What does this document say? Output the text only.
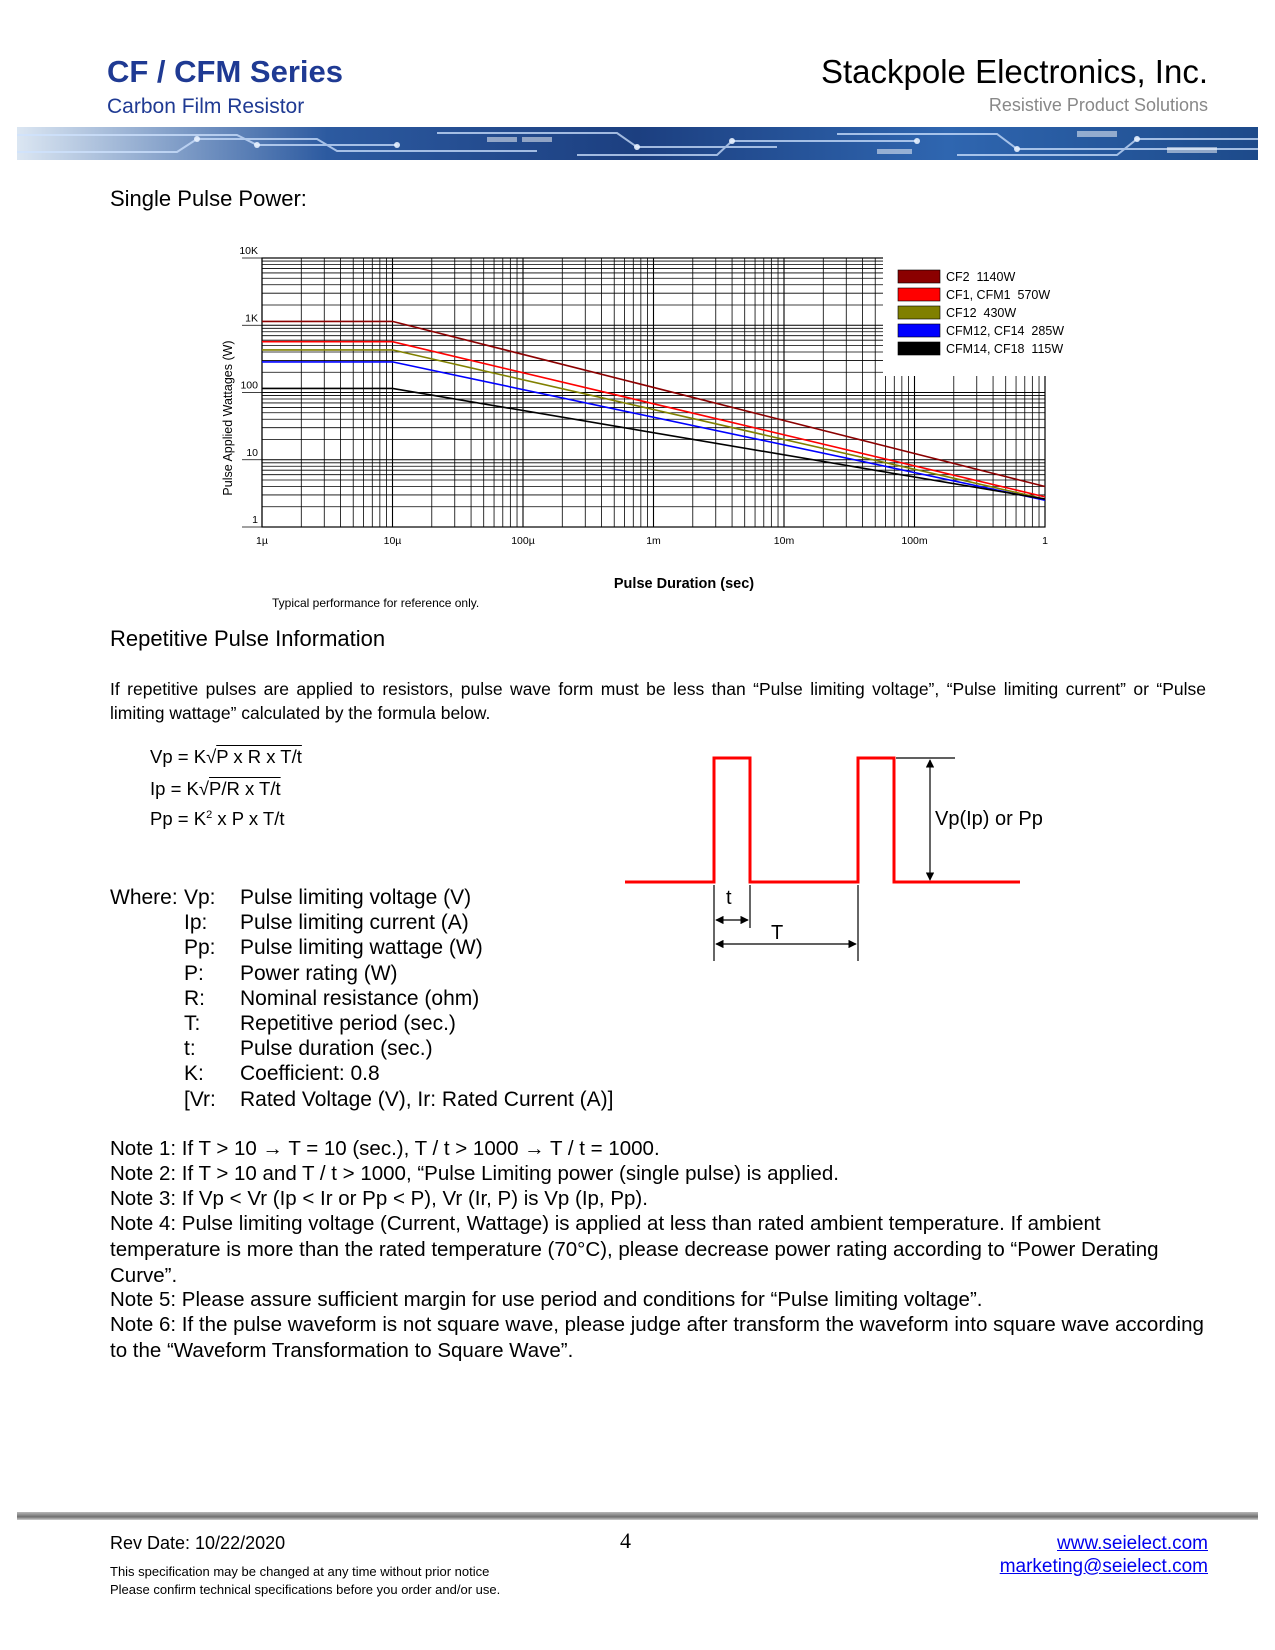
CF / CFM Series
Carbon Film Resistor
Stackpole Electronics, Inc.
Resistive Product Solutions
Single Pulse Power:
1µ	10µ	100µ	1m	10m	100m	1
1
10
100
1K
10K
CF2  1140W
CF1, CFM1  570W
CF12  430W
CFM12, CF14  285W
CFM14, CF18  115W
Pulse Duration (sec)
Pulse Applied Wattages (W)
Typical performance for reference only.
Repetitive Pulse Information
If repetitive pulses are applied to resistors, pulse wave form must be less than “Pulse limiting voltage”, “Pulse limiting current” or “Pulse limiting wattage” calculated by the formula below.
Vp = K√P x R x T/t
Ip = K√P/R x T/t
$Pp = K^2$ x P x T/t	Vp(Ip) or Pp
t
T
Where: Vp: Pulse limiting voltage (V)
Ip: Pulse limiting current (A)
Pp: Pulse limiting wattage (W)
P: Power rating (W)
R: Nominal resistance (ohm)
T: Repetitive period (sec.)
t: Pulse duration (sec.)
K: Coefficient: 0.8
[Vr: Rated Voltage (V), Ir: Rated Current (A)]
Note 1: If T > 10 → T = 10 (sec.), T / t > 1000 → T / t = 1000.
Note 2: If T > 10 and T / t > 1000, “Pulse Limiting power (single pulse) is applied.
Note 3: If Vp < Vr (Ip < Ir or Pp < P), Vr (Ir, P) is Vp (Ip, Pp).
Note 4: Pulse limiting voltage (Current, Wattage) is applied at less than rated ambient temperature. If ambient temperature is more than the rated temperature (70°C), please decrease power rating according to “Power Derating Curve”.
Note 5: Please assure sufficient margin for use period and conditions for “Pulse limiting voltage”.
Note 6: If the pulse waveform is not square wave, please judge after transform the waveform into square wave according to the “Waveform Transformation to Square Wave”.
Rev Date: 10/22/2020	4
This specification may be changed at any time without prior notice
Please confirm technical specifications before you order and/or use.
www.seielect.com
marketing@seielect.com
